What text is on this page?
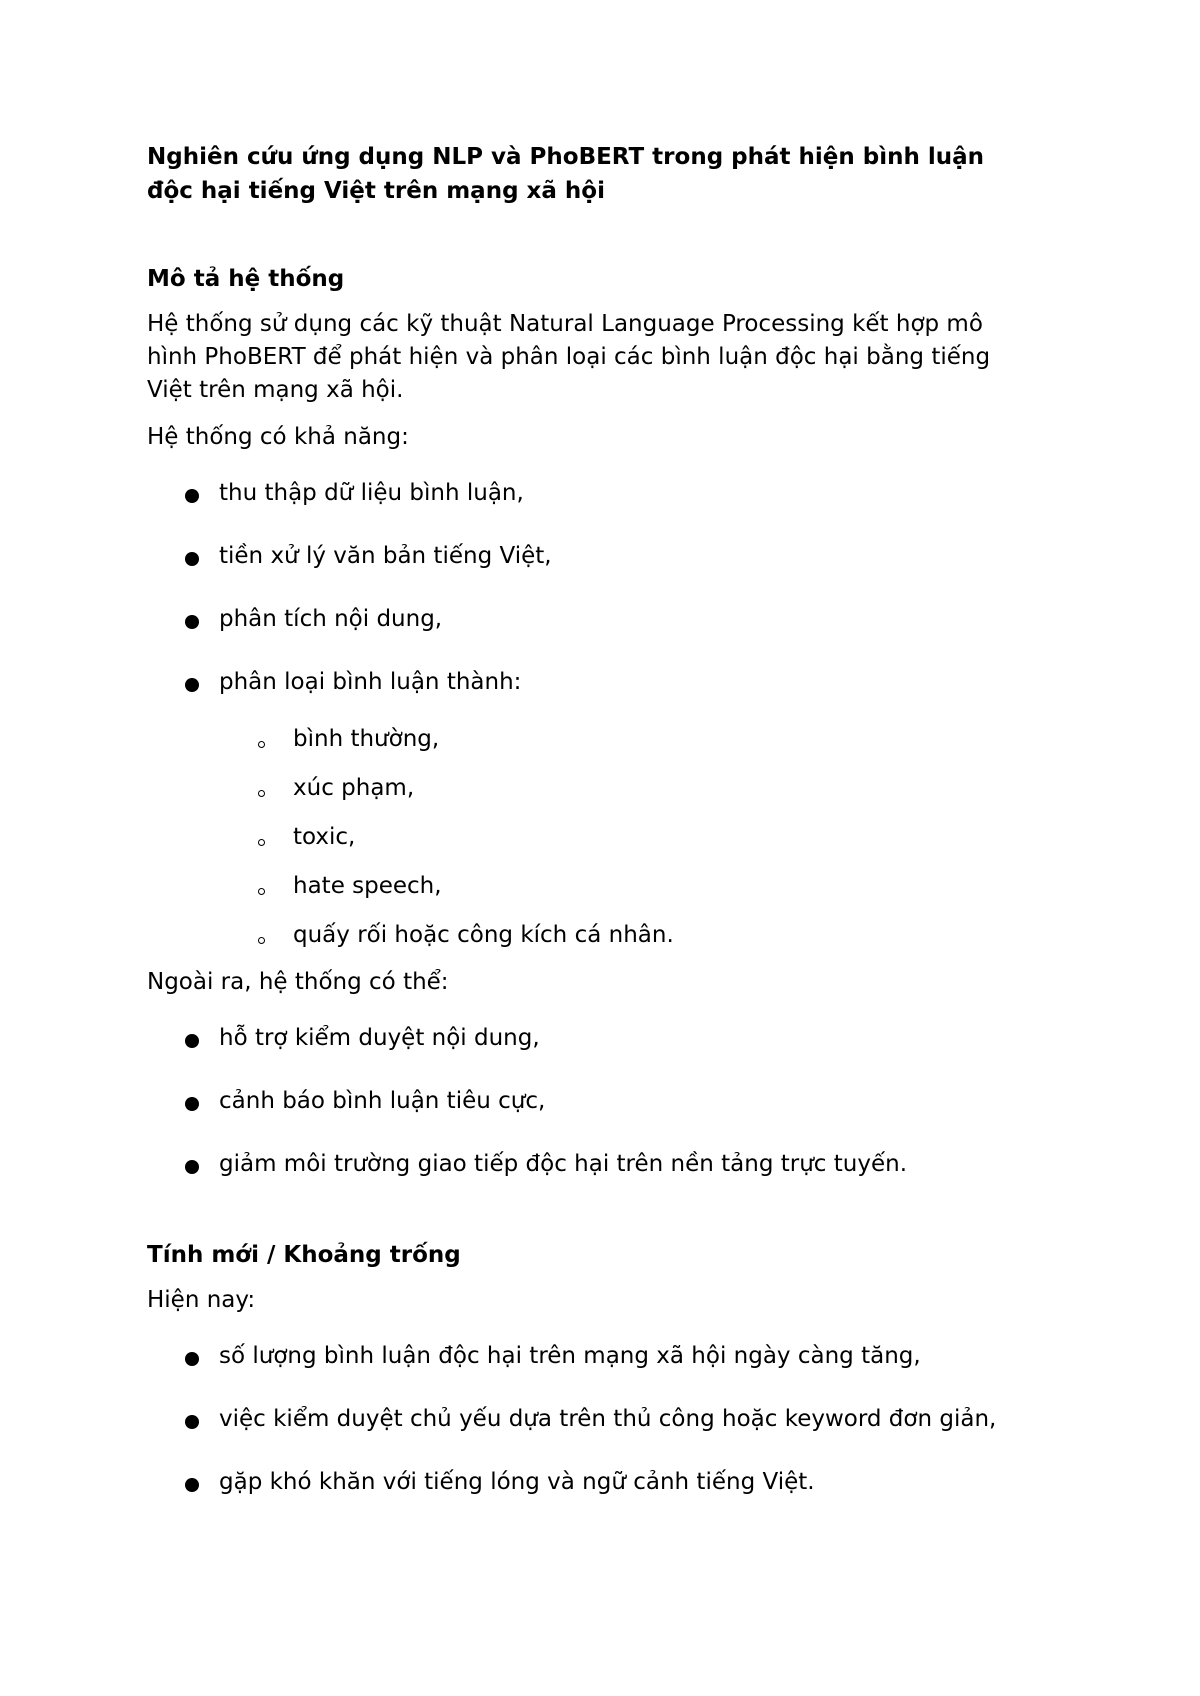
Nghiên cứu ứng dụng NLP và PhoBERT trong phát hiện bình luận
độc hại tiếng Việt trên mạng xã hội
Mô tả hệ thống

Hệ thống sử dụng các kỹ thuật Natural Language Processing kết hợp mô
hình PhoBERT để phát hiện và phân loại các bình luận độc hại bằng tiếng
Việt trên mạng xã hội.

Hệ thống có khả năng:

thu thập dữ liệu bình luận,
tiền xử lý văn bản tiếng Việt,
phân tích nội dung,
phân loại bình luận thành:
bình thường,
xúc phạm,
toxic,
hate speech,
quấy rối hoặc công kích cá nhân.

Ngoài ra, hệ thống có thể:

hỗ trợ kiểm duyệt nội dung,
cảnh báo bình luận tiêu cực,
giảm môi trường giao tiếp độc hại trên nền tảng trực tuyến.
Tính mới / Khoảng trống

Hiện nay:

số lượng bình luận độc hại trên mạng xã hội ngày càng tăng,
việc kiểm duyệt chủ yếu dựa trên thủ công hoặc keyword đơn giản,
gặp khó khăn với tiếng lóng và ngữ cảnh tiếng Việt.
